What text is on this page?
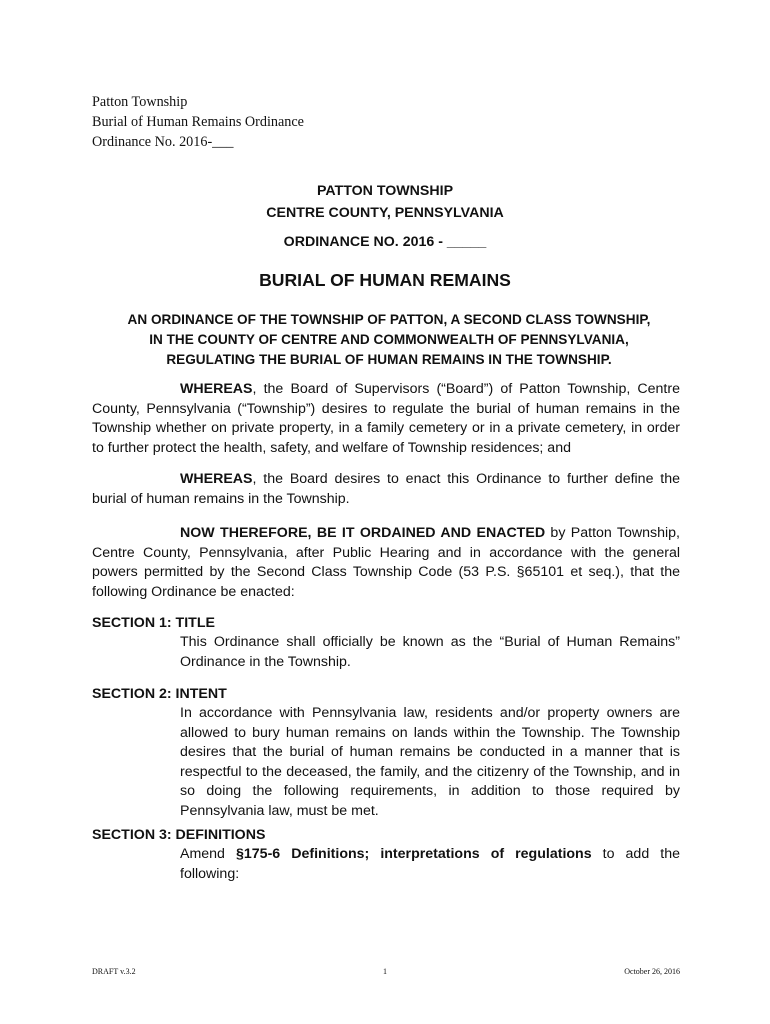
Patton Township
Burial of Human Remains Ordinance
Ordinance No. 2016-___
PATTON TOWNSHIP
CENTRE COUNTY, PENNSYLVANIA
ORDINANCE NO. 2016 - _____
BURIAL OF HUMAN REMAINS
AN ORDINANCE OF THE TOWNSHIP OF PATTON, A SECOND CLASS TOWNSHIP,
IN THE COUNTY OF CENTRE AND COMMONWEALTH OF PENNSYLVANIA,
REGULATING THE BURIAL OF HUMAN REMAINS IN THE TOWNSHIP.
WHEREAS, the Board of Supervisors (“Board”) of Patton Township, Centre County, Pennsylvania (“Township”) desires to regulate the burial of human remains in the Township whether on private property, in a family cemetery or in a private cemetery, in order to further protect the health, safety, and welfare of Township residences; and
WHEREAS, the Board desires to enact this Ordinance to further define the burial of human remains in the Township.
NOW THEREFORE, BE IT ORDAINED AND ENACTED by Patton Township, Centre County, Pennsylvania, after Public Hearing and in accordance with the general powers permitted by the Second Class Township Code (53 P.S. §65101 et seq.), that the following Ordinance be enacted:
SECTION 1: TITLE
This Ordinance shall officially be known as the “Burial of Human Remains” Ordinance in the Township.
SECTION 2: INTENT
In accordance with Pennsylvania law, residents and/or property owners are allowed to bury human remains on lands within the Township. The Township desires that the burial of human remains be conducted in a manner that is respectful to the deceased, the family, and the citizenry of the Township, and in so doing the following requirements, in addition to those required by Pennsylvania law, must be met.
SECTION 3: DEFINITIONS
Amend §175-6 Definitions; interpretations of regulations to add the following:
DRAFT v.3.2	1	October 26, 2016
